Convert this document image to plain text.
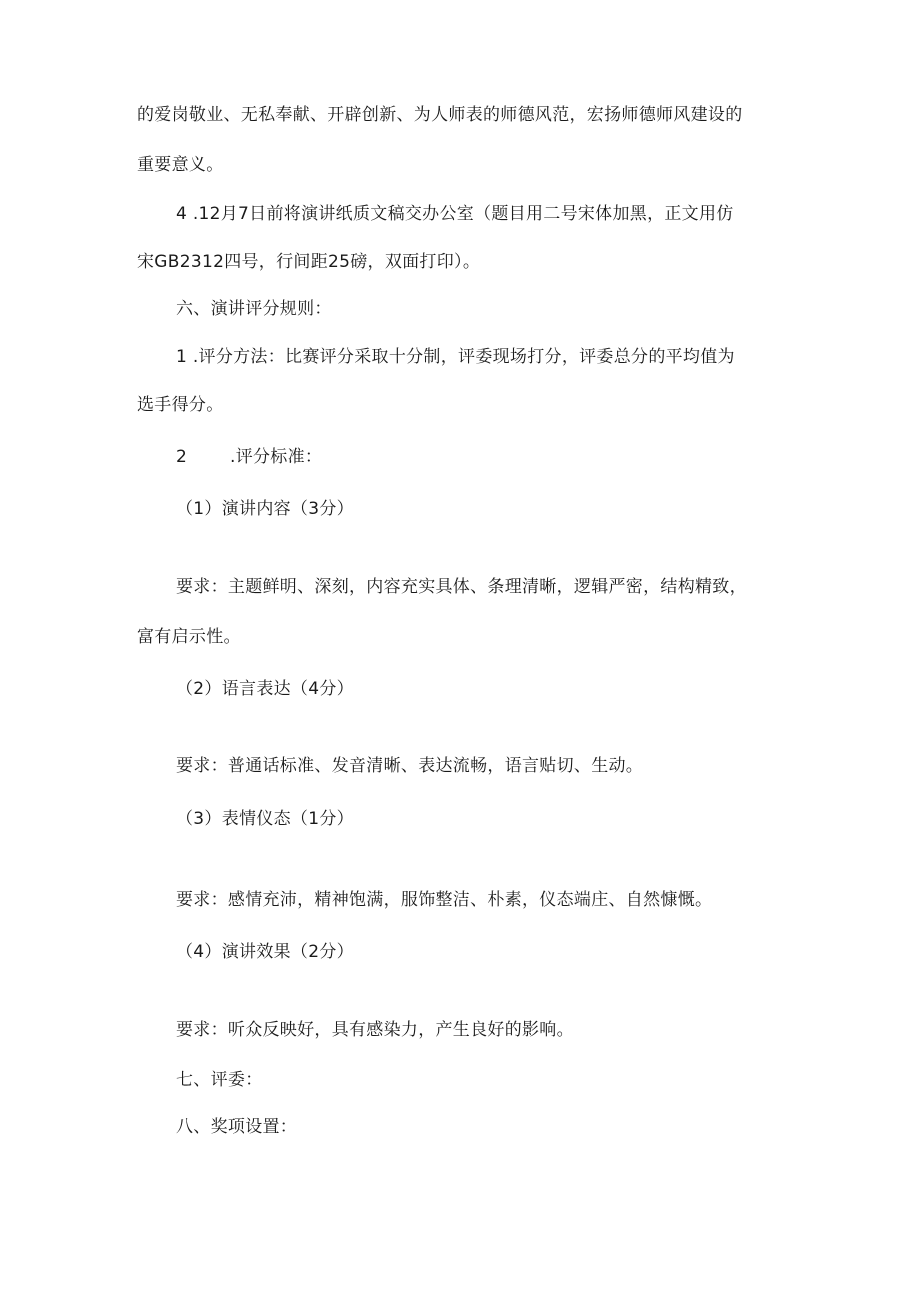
的爱岗敬业、无私奉献、开辟创新、为人师表的师德风范，宏扬师德师风建设的
重要意义。
4 .12月7日前将演讲纸质文稿交办公室（题目用二号宋体加黑，正文用仿
宋GB2312四号，行间距25磅，双面打印）。
六、演讲评分规则：
1 .评分方法：比赛评分采取十分制，评委现场打分，评委总分的平均值为
选手得分。
2	.评分标准：
（1）演讲内容（3分）
要求：主题鲜明、深刻，内容充实具体、条理清晰，逻辑严密，结构精致，
富有启示性。
（2）语言表达（4分）
要求：普通话标准、发音清晰、表达流畅，语言贴切、生动。
（3）表情仪态（1分）
要求：感情充沛，精神饱满，服饰整洁、朴素，仪态端庄、自然慷慨。
（4）演讲效果（2分）
要求：听众反映好，具有感染力，产生良好的影响。
七、评委：
八、奖项设置：
